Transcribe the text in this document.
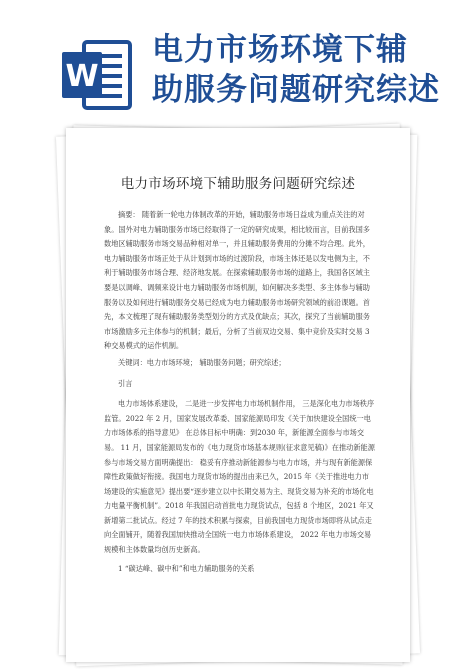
W
电力市场环境下辅
助服务问题研究综述
电力市场环境下辅助服务问题研究综述

摘要： 随着新一轮电力体制改革的开始，辅助服务市场日益成为重点关注的对象。国外对电力辅助服务市场已经取得了一定的研究成果，相比较而言，目前我国多数地区辅助服务市场交易品种相对单一，并且辅助服务费用的分摊不均合理。此外，电力辅助服务市场正处于从计划到市场的过渡阶段，市场主体还是以发电侧为主，不利于辅助服务市场合理、经济地发展。在探索辅助服务市场的道路上，我国各区域主要是以调峰、调频来设计电力辅助服务市场机制，如何解决多类型、多主体参与辅助服务以及如何进行辅助服务交易已经成为电力辅助服务市场研究领域的前沿课题。首先，本文梳理了现有辅助服务类型划分的方式及优缺点；其次，探究了当前辅助服务市场激励多元主体参与的机制；最后，分析了当前双边交易、集中竞价及实时交易 3 种交易模式的运作机制。

关键词：电力市场环境； 辅助服务问题；研究综述；

引言

电力市场体系建设， 二是进一步发挥电力市场机制作用， 三是深化电力市场秩序监管。2022 年 2 月，国家发展改革委、国家能源局印发《关于加快建设全国统一电力市场体系的指导意见》 在总体目标中明确：到2030 年，新能源全面参与市场交易。 11 月，国家能源局发布的《电力现货市场基本规则(征求意见稿)》在推动新能源参与市场交易方面明确提出： 稳妥有序推动新能源参与电力市场，并与现有新能源保障性政策做好衔接。我国电力现货市场的提出由来已久，2015 年《关于推进电力市场建设的实施意见》提出要“逐步建立以中长期交易为主、现货交易为补充的市场化电力电量平衡机制”。2018 年我国启动首批电力现货试点，包括 8 个地区，2021 年又新增第二批试点。经过 7 年的技术积累与探索，目前我国电力现货市场即将从试点走向全面铺开，随着我国加快推动全国统一电力市场体系建设， 2022 年电力市场交易规模和主体数量均创历史新高。

1 “碳达峰、碳中和”和电力辅助服务的关系
